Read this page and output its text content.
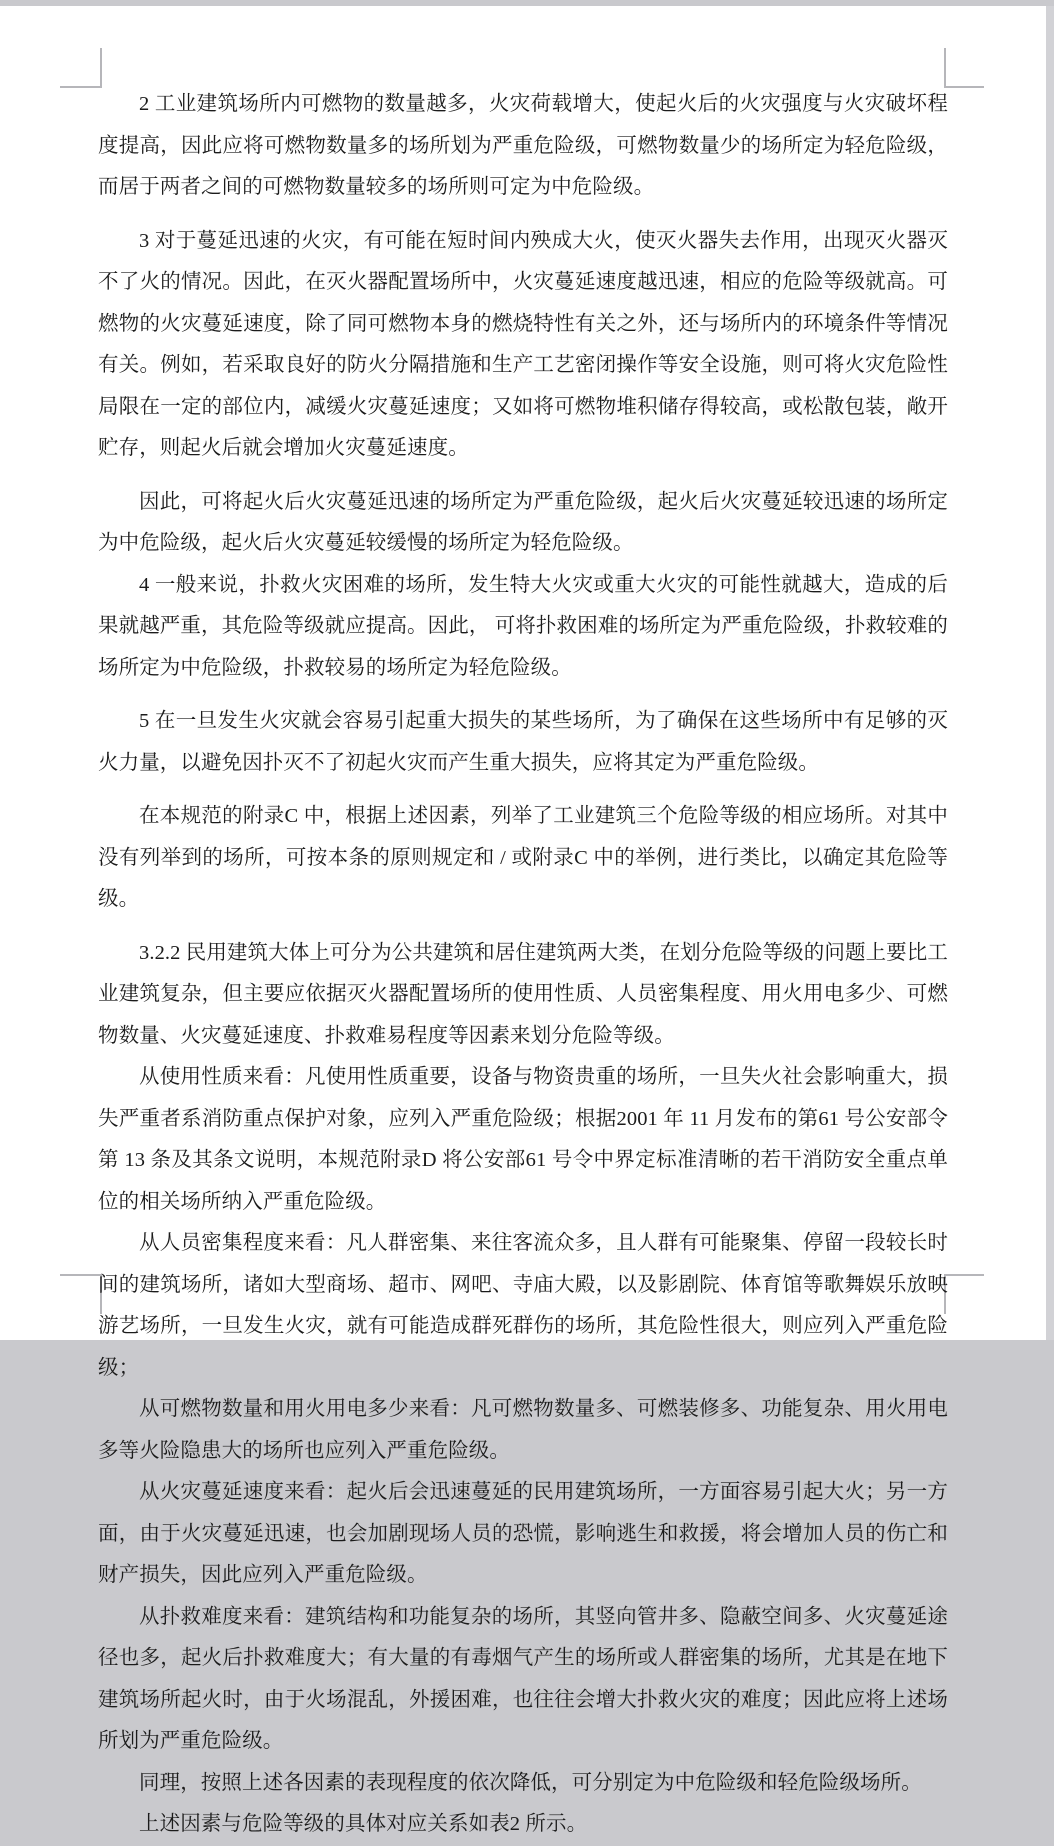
2 工业建筑场所内可燃物的数量越多，火灾荷载增大，使起火后的火灾强度与火灾破坏程度提高，因此应将可燃物数量多的场所划为严重危险级，可燃物数量少的场所定为轻危险级，而居于两者之间的可燃物数量较多的场所则可定为中危险级。

3 对于蔓延迅速的火灾，有可能在短时间内殃成大火，使灭火器失去作用，出现灭火器灭不了火的情况。因此，在灭火器配置场所中，火灾蔓延速度越迅速，相应的危险等级就高。可燃物的火灾蔓延速度，除了同可燃物本身的燃烧特性有关之外，还与场所内的环境条件等情况有关。例如，若采取良好的防火分隔措施和生产工艺密闭操作等安全设施，则可将火灾危险性局限在一定的部位内，减缓火灾蔓延速度；又如将可燃物堆积储存得较高，或松散包装，敞开贮存，则起火后就会增加火灾蔓延速度。

因此，可将起火后火灾蔓延迅速的场所定为严重危险级，起火后火灾蔓延较迅速的场所定为中危险级，起火后火灾蔓延较缓慢的场所定为轻危险级。

4 一般来说，扑救火灾困难的场所，发生特大火灾或重大火灾的可能性就越大，造成的后果就越严重，其危险等级就应提高。因此， 可将扑救困难的场所定为严重危险级，扑救较难的场所定为中危险级，扑救较易的场所定为轻危险级。

5 在一旦发生火灾就会容易引起重大损失的某些场所，为了确保在这些场所中有足够的灭火力量，以避免因扑灭不了初起火灾而产生重大损失，应将其定为严重危险级。

在本规范的附录C 中，根据上述因素，列举了工业建筑三个危险等级的相应场所。对其中没有列举到的场所，可按本条的原则规定和 / 或附录C 中的举例，进行类比，以确定其危险等级。

3.2.2 民用建筑大体上可分为公共建筑和居住建筑两大类，在划分危险等级的问题上要比工业建筑复杂，但主要应依据灭火器配置场所的使用性质、人员密集程度、用火用电多少、可燃物数量、火灾蔓延速度、扑救难易程度等因素来划分危险等级。

从使用性质来看：凡使用性质重要，设备与物资贵重的场所，一旦失火社会影响重大，损失严重者系消防重点保护对象，应列入严重危险级；根据2001 年 11 月发布的第61 号公安部令第 13 条及其条文说明，本规范附录D 将公安部61 号令中界定标准清晰的若干消防安全重点单位的相关场所纳入严重危险级。

从人员密集程度来看：凡人群密集、来往客流众多，且人群有可能聚集、停留一段较长时间的建筑场所，诸如大型商场、超市、网吧、寺庙大殿，以及影剧院、体育馆等歌舞娱乐放映游艺场所，一旦发生火灾，就有可能造成群死群伤的场所，其危险性很大，则应列入严重危险级；

从可燃物数量和用火用电多少来看：凡可燃物数量多、可燃装修多、功能复杂、用火用电多等火险隐患大的场所也应列入严重危险级。

从火灾蔓延速度来看：起火后会迅速蔓延的民用建筑场所，一方面容易引起大火；另一方面，由于火灾蔓延迅速，也会加剧现场人员的恐慌，影响逃生和救援，将会增加人员的伤亡和财产损失，因此应列入严重危险级。

从扑救难度来看：建筑结构和功能复杂的场所，其竖向管井多、隐蔽空间多、火灾蔓延途径也多，起火后扑救难度大；有大量的有毒烟气产生的场所或人群密集的场所，尤其是在地下建筑场所起火时，由于火场混乱，外援困难，也往往会增大扑救火灾的难度；因此应将上述场所划为严重危险级。

同理，按照上述各因素的表现程度的依次降低，可分别定为中危险级和轻危险级场所。

上述因素与危险等级的具体对应关系如表2 所示。
